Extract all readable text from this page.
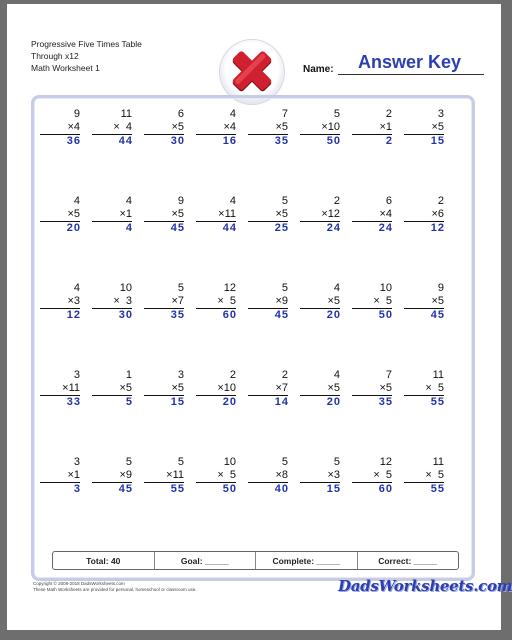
Progressive Five Times Table
Through x12
Math Worksheet 1	Name: Answer Key
9
×4
36
11
×  4
44
6
×5
30
4
×4
16
7
×5
35
5
×10
50
2
×1
2
3
×5
15
4
×5
20
4
×1
4
9
×5
45
4
×11
44
5
×5
25
2
×12
24
6
×4
24
2
×6
12
4
×3
12
10
×  3
30
5
×7
35
12
×  5
60
5
×9
45
4
×5
20
10
×  5
50
9
×5
45
3
×11
33
1
×5
5
3
×5
15
2
×10
20
2
×7
14
4
×5
20
7
×5
35
11
×  5
55
3
×1
3
5
×9
45
5
×11
55
10
×  5
50
5
×8
40
5
×3
15
12
×  5
60
11
×  5
55
Total: 40	Goal: _____	Complete: _____	Correct: _____
Copyright © 2008-2018 DadsWorksheets.com
These Math Worksheets are provided for personal, homeschool or classroom use.	DadsWorksheets.com
